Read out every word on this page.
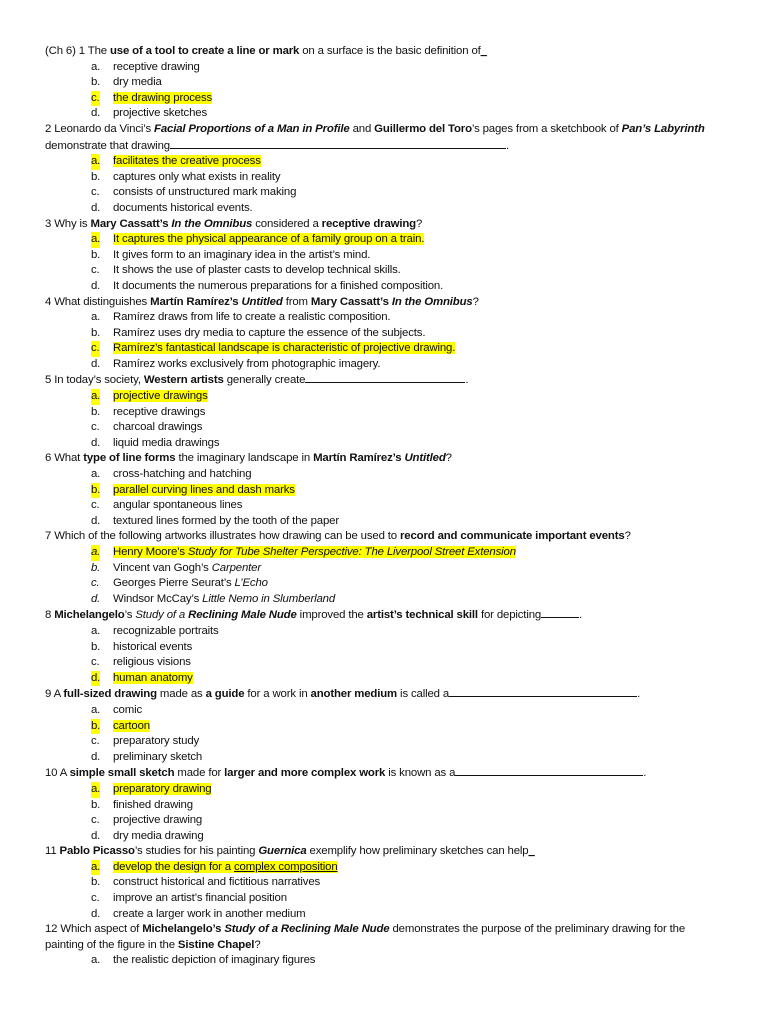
(Ch 6) 1 The use of a tool to create a line or mark on a surface is the basic definition of_
a. receptive drawing
b. dry media
c. the drawing process
d. projective sketches
2 Leonardo da Vinci’s Facial Proportions of a Man in Profile and Guillermo del Toro’s pages from a sketchbook of Pan’s Labyrinth demonstrate that drawing	.
a. facilitates the creative process
b. captures only what exists in reality
c. consists of unstructured mark making
d. documents historical events.
3 Why is Mary Cassatt’s In the Omnibus considered a receptive drawing?
a. It captures the physical appearance of a family group on a train.
b. It gives form to an imaginary idea in the artist’s mind.
c. It shows the use of plaster casts to develop technical skills.
d. It documents the numerous preparations for a finished composition.
4 What distinguishes Martín Ramírez’s Untitled from Mary Cassatt’s In the Omnibus?
a. Ramírez draws from life to create a realistic composition.
b. Ramírez uses dry media to capture the essence of the subjects.
c. Ramírez’s fantastical landscape is characteristic of projective drawing.
d. Ramírez works exclusively from photographic imagery.
5 In today’s society, Western artists generally create	.
a. projective drawings
b. receptive drawings
c. charcoal drawings
d. liquid media drawings
6 What type of line forms the imaginary landscape in Martín Ramírez’s Untitled?
a. cross-hatching and hatching
b. parallel curving lines and dash marks
c. angular spontaneous lines
d. textured lines formed by the tooth of the paper
7 Which of the following artworks illustrates how drawing can be used to record and communicate important events?
a. Henry Moore’s Study for Tube Shelter Perspective: The Liverpool Street Extension
b. Vincent van Gogh’s Carpenter
c. Georges Pierre Seurat’s L’Echo
d. Windsor McCay’s Little Nemo in Slumberland
8 Michelangelo’s Study of a Reclining Male Nude improved the artist’s technical skill for depicting	.
a. recognizable portraits
b. historical events
c. religious visions
d. human anatomy
9 A full-sized drawing made as a guide for a work in another medium is called a	.
a. comic
b. cartoon
c. preparatory study
d. preliminary sketch
10 A simple small sketch made for larger and more complex work is known as a	.
a. preparatory drawing
b. finished drawing
c. projective drawing
d. dry media drawing
11 Pablo Picasso’s studies for his painting Guernica exemplify how preliminary sketches can help_
a. develop the design for a complex composition
b. construct historical and fictitious narratives
c. improve an artist’s financial position
d. create a larger work in another medium
12 Which aspect of Michelangelo’s Study of a Reclining Male Nude demonstrates the purpose of the preliminary drawing for the painting of the figure in the Sistine Chapel?
a. the realistic depiction of imaginary figures
